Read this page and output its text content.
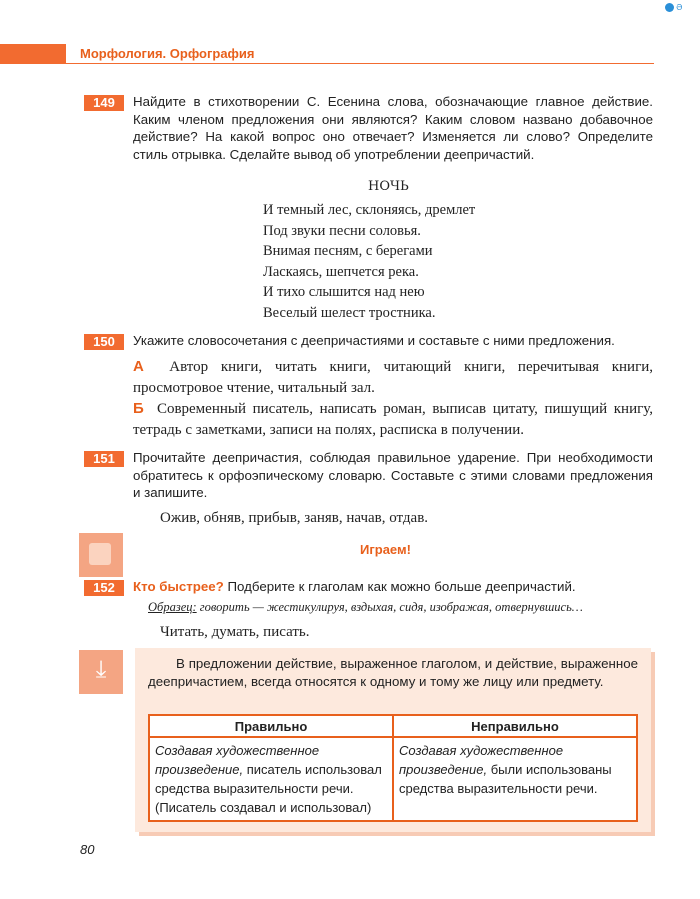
Ә
Морфология. Орфография
149	Найдите в стихотворении С. Есенина слова, обозначающие главное действие. Каким членом предложения они являются? Каким словом названо добавочное действие? На какой вопрос оно отвечает? Изменяется ли слово? Определите стиль отрывка. Сделайте вывод об употреблении деепричастий.
НОЧЬ
И темный лес, склоняясь, дремлет
Под звуки песни соловья.
Внимая песням, с берегами
Ласкаясь, шепчется река.
И тихо слышится над нею
Веселый шелест тростника.
150	Укажите словосочетания с деепричастиями и составьте с ними предложения.
А Автор книги, читать книги, читающий книги, перечитывая книги, просмотровое чтение, читальный зал.
Б Современный писатель, написать роман, выписав цитату, пишущий книгу, тетрадь с заметками, записи на полях, расписка в получении.
151	Прочитайте деепричастия, соблюдая правильное ударение. При необходимости обратитесь к орфоэпическому словарю. Составьте с этими словами предложения и запишите.
Ожив, обняв, прибыв, заняв, начав, отдав.
Играем!
152	Кто быстрее? Подберите к глаголам как можно больше деепричастий.
Образец: говорить — жестикулируя, вздыхая, сидя, изображая, отвернувшись…
Читать, думать, писать.
⤓	В предложении действие, выраженное глаголом, и действие, выраженное деепричастием, всегда относятся к одному и тому же лицу или предмету.
Правильно	Неправильно
Создавая художественное произведение, писатель использовал средства выразительности речи. (Писатель создавал и использовал)	Создавая художественное произведение, были использованы средства выразительности речи.
80
